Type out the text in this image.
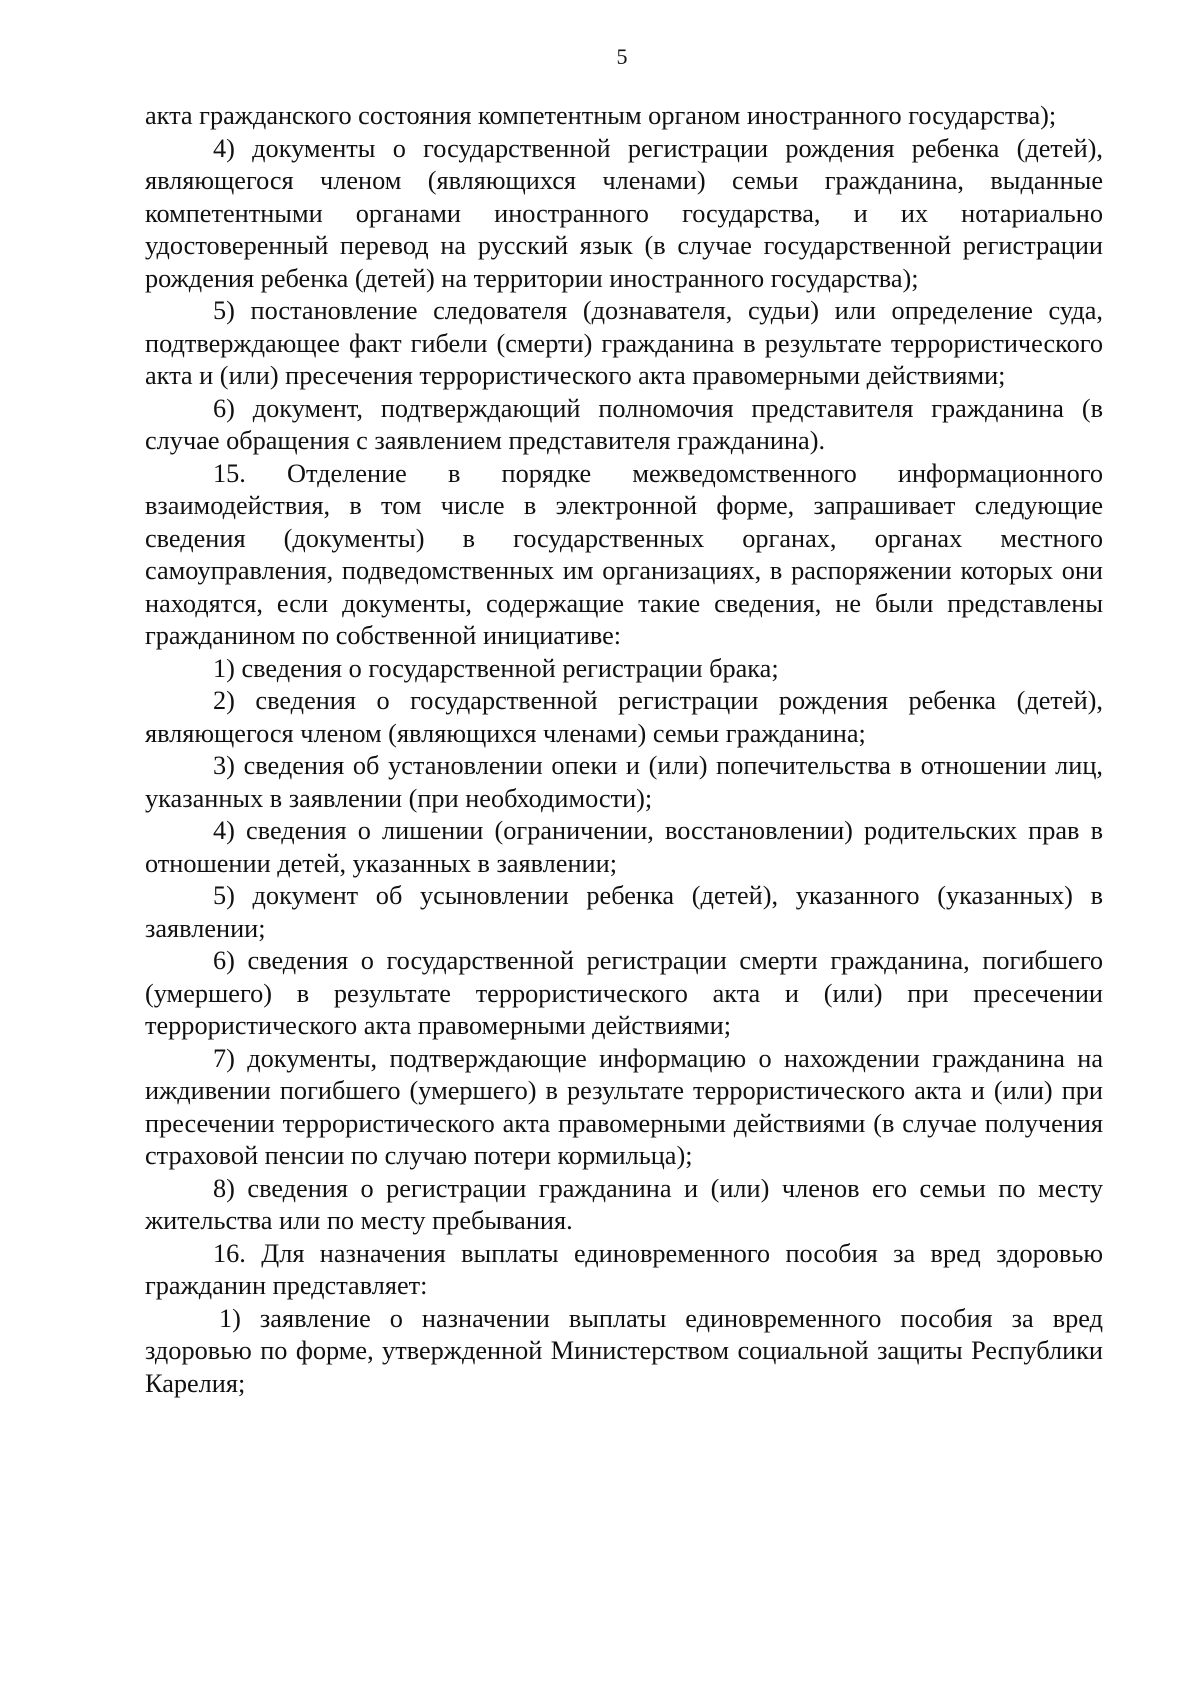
5

акта гражданского состояния компетентным органом иностранного государства);

4) документы о государственной регистрации рождения ребенка (детей), являющегося членом (являющихся членами) семьи гражданина, выданные компетентными органами иностранного государства, и их нотариально удостоверенный перевод на русский язык (в случае государственной регистрации рождения ребенка (детей) на территории иностранного государства);

5) постановление следователя (дознавателя, судьи) или определение суда, подтверждающее факт гибели (смерти) гражданина в результате террористического акта и (или) пресечения террористического акта правомерными действиями;

6) документ, подтверждающий полномочия представителя гражданина (в случае обращения с заявлением представителя гражданина).

15. Отделение в порядке межведомственного информационного взаимодействия, в том числе в электронной форме, запрашивает следующие сведения (документы) в государственных органах, органах местного самоуправления, подведомственных им организациях, в распоряжении которых они находятся, если документы, содержащие такие сведения, не были представлены гражданином по собственной инициативе:

1) сведения о государственной регистрации брака;

2) сведения о государственной регистрации рождения ребенка (детей), являющегося членом (являющихся членами) семьи гражданина;

3) сведения об установлении опеки и (или) попечительства в отношении лиц, указанных в заявлении (при необходимости);

4) сведения о лишении (ограничении, восстановлении) родительских прав в отношении детей, указанных в заявлении;

5) документ об усыновлении ребенка (детей), указанного (указанных) в заявлении;

6) сведения о государственной регистрации смерти гражданина, погибшего (умершего) в результате террористического акта и (или) при пресечении террористического акта правомерными действиями;

7) документы, подтверждающие информацию о нахождении гражданина на иждивении погибшего (умершего) в результате террористического акта и (или) при пресечении террористического акта правомерными действиями (в случае получения страховой пенсии по случаю потери кормильца);

8) сведения о регистрации гражданина и (или) членов его семьи по месту жительства или по месту пребывания.

16. Для назначения выплаты единовременного пособия за вред здоровью гражданин представляет:

1) заявление о назначении выплаты единовременного пособия за вред здоровью по форме, утвержденной Министерством социальной защиты Республики Карелия;
